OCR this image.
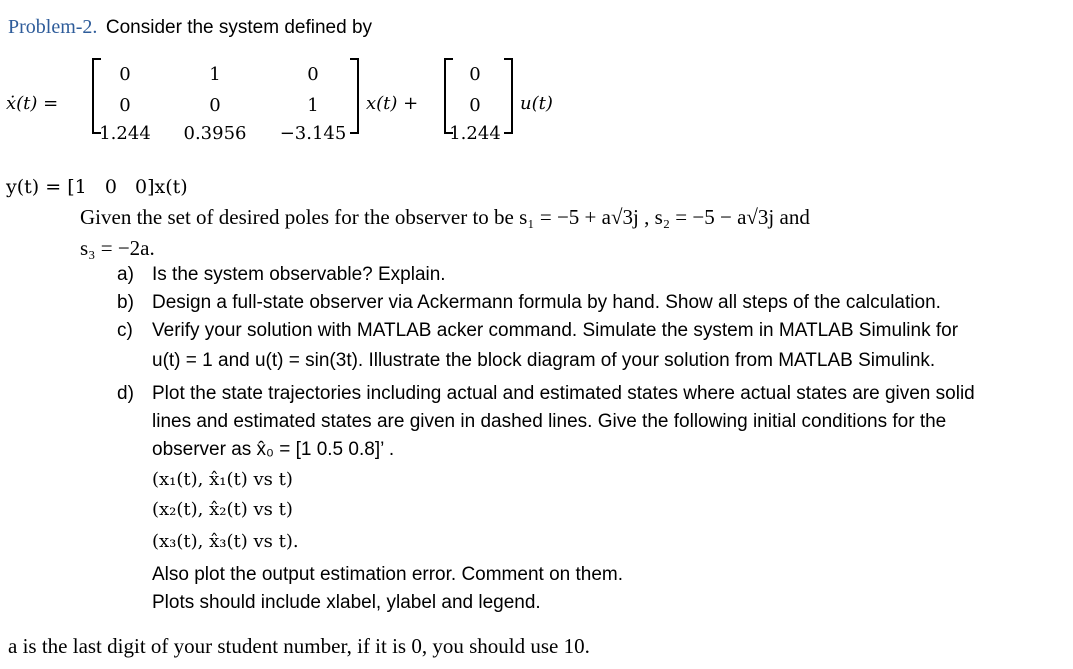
Problem-2. Consider the system defined by
ẋ(t) =
0	1	0
0	0	1
1.244	0.3956	−3.145
x(t) +
0
0
1.244
u(t)
y(t) = [1   0   0]x(t)
Given the set of desired poles for the observer to be s₁ = −5 + a√3j , s₂ = −5 − a√3j and
s₃ = −2a.
a) Is the system observable? Explain.
b) Design a full-state observer via Ackermann formula by hand. Show all steps of the calculation.
c) Verify your solution with MATLAB acker command. Simulate the system in MATLAB Simulink for
u(t) = 1 and u(t) = sin(3t). Illustrate the block diagram of your solution from MATLAB Simulink.
d) Plot the state trajectories including actual and estimated states where actual states are given solid
lines and estimated states are given in dashed lines. Give the following initial conditions for the
observer as x̂₀ = [1 0.5 0.8]’ .
(x₁(t), x̂₁(t) vs t)
(x₂(t), x̂₂(t) vs t)
(x₃(t), x̂₃(t) vs t).
Also plot the output estimation error. Comment on them.
Plots should include xlabel, ylabel and legend.
a is the last digit of your student number, if it is 0, you should use 10.
